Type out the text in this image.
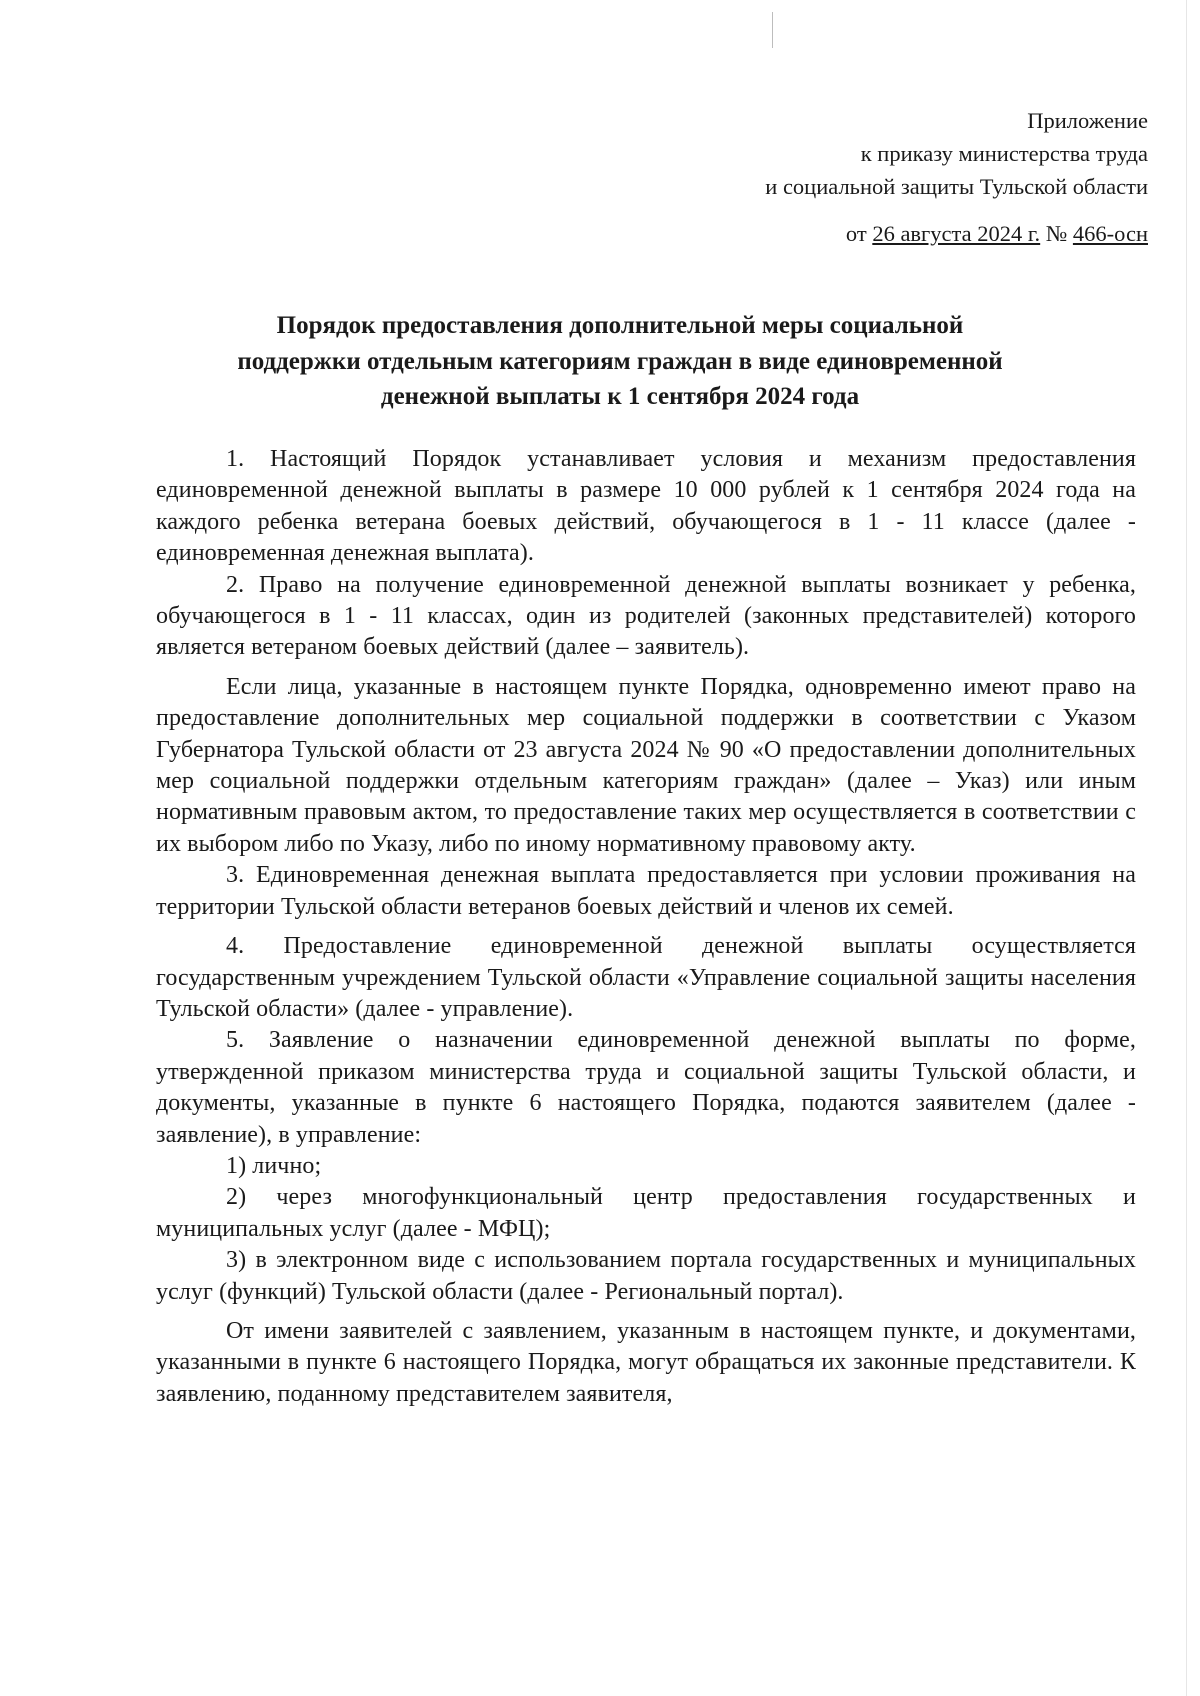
Приложение
к приказу министерства труда
и социальной защиты Тульской области
от 26 августа 2024 г. № 466-осн
Порядок предоставления дополнительной меры социальной
поддержки отдельным категориям граждан в виде единовременной
денежной выплаты к 1 сентября 2024 года

1. Настоящий Порядок устанавливает условия и механизм предоставления единовременной денежной выплаты в размере 10 000 рублей к 1 сентября 2024 года на каждого ребенка ветерана боевых действий, обучающегося в 1 - 11 классе (далее - единовременная денежная выплата).

2. Право на получение единовременной денежной выплаты возникает у ребенка, обучающегося в 1 - 11 классах, один из родителей (законных представителей) которого является ветераном боевых действий (далее – заявитель).

Если лица, указанные в настоящем пункте Порядка, одновременно имеют право на предоставление дополнительных мер социальной поддержки в соответствии с Указом Губернатора Тульской области от 23 августа 2024 № 90 «О предоставлении дополнительных мер социальной поддержки отдельным категориям граждан» (далее – Указ) или иным нормативным правовым актом, то предоставление таких мер осуществляется в соответствии с их выбором либо по Указу, либо по иному нормативному правовому акту.

3. Единовременная денежная выплата предоставляется при условии проживания на территории Тульской области ветеранов боевых действий и членов их семей.

4. Предоставление единовременной денежной выплаты осуществляется государственным учреждением Тульской области «Управление социальной защиты населения Тульской области» (далее - управление).

5. Заявление о назначении единовременной денежной выплаты по форме, утвержденной приказом министерства труда и социальной защиты Тульской области, и документы, указанные в пункте 6 настоящего Порядка, подаются заявителем (далее - заявление), в управление:

1) лично;

2) через многофункциональный центр предоставления государственных и муниципальных услуг (далее - МФЦ);

3) в электронном виде с использованием портала государственных и муниципальных услуг (функций) Тульской области (далее - Региональный портал).

От имени заявителей с заявлением, указанным в настоящем пункте, и документами, указанными в пункте 6 настоящего Порядка, могут обращаться их законные представители. К заявлению, поданному представителем заявителя,
